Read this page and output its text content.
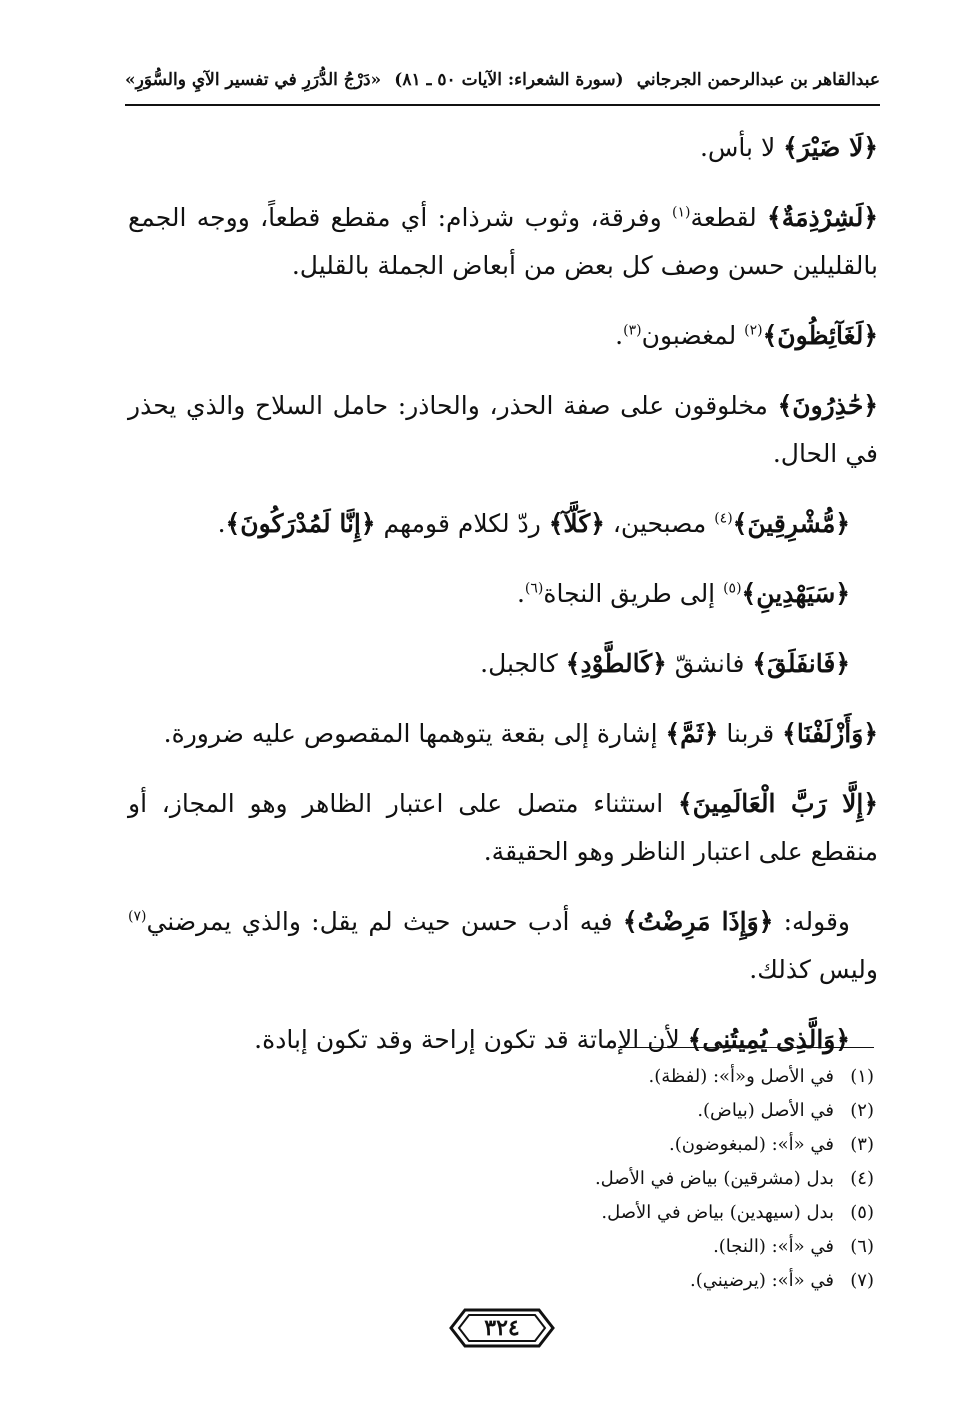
عبدالقاهر بن عبدالرحمن الجرجاني
(سورة الشعراء: الآيات ٥٠ ـ ٨١)
«دَرْجُ الدُّرَرِ في تفسير الآيِ والسُّوَرِ»

﴿لَا ضَيْرَ﴾ لا بأس.

﴿لَشِرْذِمَةٌ﴾ لقطعة$^{(١)}$ وفرقة، وثوب شرذام: أي مقطع قطعاً، ووجه الجمع بالقليلين حسن وصف كل بعض من أبعاض الجملة بالقليل.

﴿لَغَآئِظُونَ﴾$^{(٢)}$ لمغضبون$^{(٣)}$.

﴿حَٰذِرُونَ﴾ مخلوقون على صفة الحذر، والحاذر: حامل السلاح والذي يحذر في الحال.

﴿مُّشْرِقِينَ﴾$^{(٤)}$ مصبحين، ﴿كَلَّآ﴾ ردّ لكلام قومهم ﴿إِنَّا لَمُدْرَكُونَ﴾.

﴿سَيَهْدِينِ﴾$^{(٥)}$ إلى طريق النجاة$^{(٦)}$.

﴿فَانفَلَقَ﴾ فانشقّ ﴿كَالطَّوْدِ﴾ كالجبل.

﴿وَأَزْلَفْنَا﴾ قربنا ﴿ثَمَّ﴾ إشارة إلى بقعة يتوهمها المقصوص عليه ضرورة.

﴿إِلَّا رَبَّ الْعَالَمِينَ﴾ استثناء متصل على اعتبار الظاهر وهو المجاز، أو منقطع على اعتبار الناظر وهو الحقيقة.

وقوله: ﴿وَإِذَا مَرِضْتُ﴾ فيه أدب حسن حيث لم يقل: والذي يمرضني$^{(٧)}$ وليس كذلك.

﴿وَالَّذِى يُمِيتُنِى﴾ لأن الإماتة قد تكون إراحة وقد تكون إبادة.

(١)في الأصل و«أ»: (لفظة).
(٢)في الأصل (بياض).
(٣)في «أ»: (لمبغوضون).
(٤)بدل (مشرقين) بياض في الأصل.
(٥)بدل (سيهدين) بياض في الأصل.
(٦)في «أ»: (النجا).
(٧)في «أ»: (يرضيني).
٣٢٤
